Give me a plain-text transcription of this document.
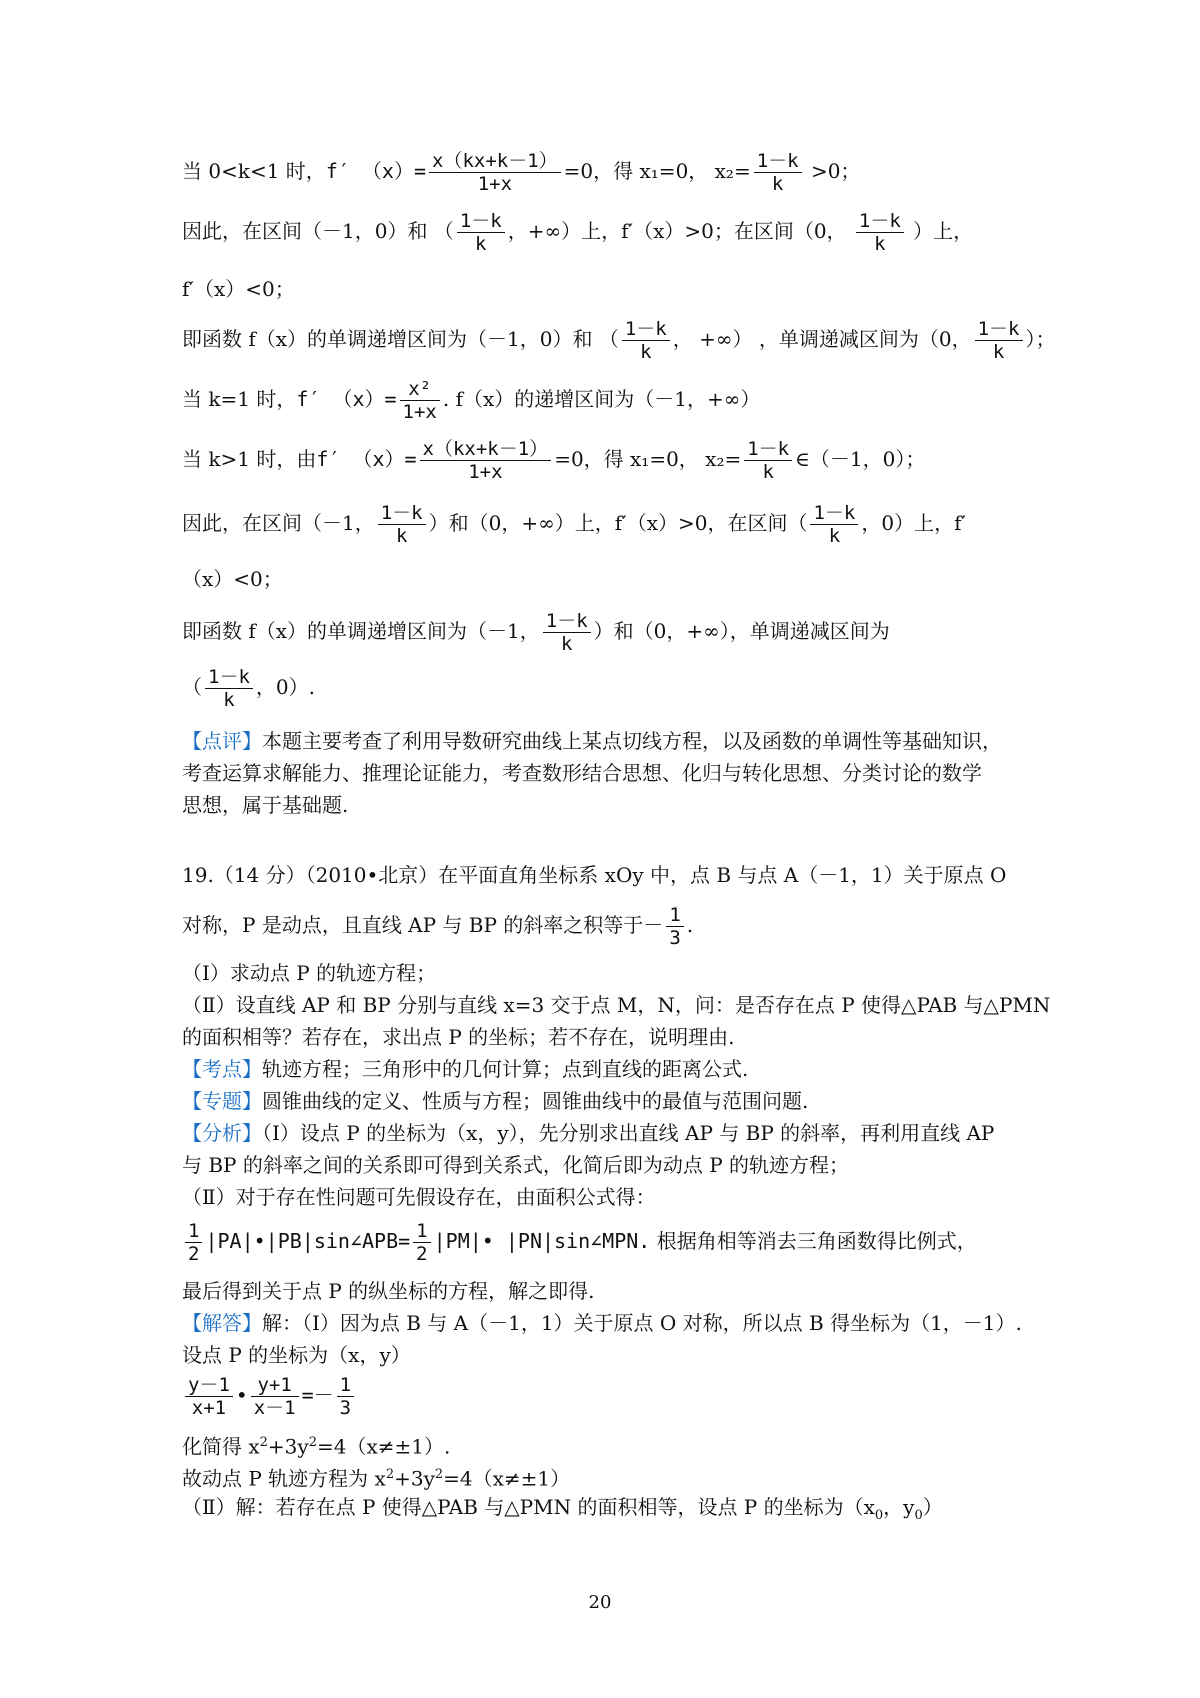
当 0<k<1 时，f′ $(x)= \frac{x(kx+k-1)}{1+x} =0$，得 x₁=0， $x_2= \frac{1-k}{k} >0$；
因此，在区间（－1，0）和 （ $\frac{1-k}{k}$ ，+∞）上，f′（x）>0；在区间（0， $\frac{1-k}{k}$ ）上，
f′（x）<0；
即函数 f（x）的单调递增区间为（－1，0）和 （ $\frac{1-k}{k}$ ， +∞） ，单调递减区间为（0， $\frac{1-k}{k}$ ）；
当 k=1 时，f′ $(x)= \frac{\text{x²}}{1+x}$ . f（x）的递增区间为（－1，+∞）
当 k>1 时，由f′ $(x)= \frac{x(kx+k-1)}{1+x} =0$，得 x₁=0， $x_2= \frac{1-k}{k}$ ∈（－1，0）；
因此，在区间（－1， $\frac{1-k}{k}$ ）和（0，+∞）上，f′（x）>0，在区间（ $\frac{1-k}{k}$ ，0）上，f′
（x）<0；
即函数 f（x）的单调递增区间为（－1， $\frac{1-k}{k}$ ）和（0，+∞），单调递减区间为
（ $\frac{1-k}{k}$ ，0）.
【点评】本题主要考查了利用导数研究曲线上某点切线方程，以及函数的单调性等基础知识，
考查运算求解能力、推理论证能力，考查数形结合思想、化归与转化思想、分类讨论的数学
思想，属于基础题.
19.（14 分）（2010•北京）在平面直角坐标系 xOy 中，点 B 与点 A（－1，1）关于原点 O
对称，P 是动点，且直线 AP 与 BP 的斜率之积等于－ $\frac{1}{3}$ .
（Ⅰ）求动点 P 的轨迹方程；
（Ⅱ）设直线 AP 和 BP 分别与直线 x=3 交于点 M，N，问：是否存在点 P 使得△PAB 与△PMN
的面积相等？若存在，求出点 P 的坐标；若不存在，说明理由.
【考点】轨迹方程；三角形中的几何计算；点到直线的距离公式.
【专题】圆锥曲线的定义、性质与方程；圆锥曲线中的最值与范围问题.
【分析】（Ⅰ）设点 P 的坐标为（x，y），先分别求出直线 AP 与 BP 的斜率，再利用直线 AP
与 BP 的斜率之间的关系即可得到关系式，化简后即为动点 P 的轨迹方程；
（Ⅱ）对于存在性问题可先假设存在，由面积公式得：
$\frac{1}{2}$ |PA|•|PB|sin∠APB= $\frac{1}{2}$ |PM|• |PN|sin∠MPN. 根据角相等消去三角函数得比例式，
最后得到关于点 P 的纵坐标的方程，解之即得.
【解答】解：（Ⅰ）因为点 B 与 A（－1，1）关于原点 O 对称，所以点 B 得坐标为（1，－1）.
设点 P 的坐标为（x，y）
$\frac{y-1}{x+1}$ • $\frac{y+1}{x-1} =- \frac{1}{3}$
化简得 $x^2+3y^2=4(x\ne\pm 1)$.
故动点 P 轨迹方程为 $x^2+3y^2=4(x\ne\pm 1)$
（Ⅱ）解：若存在点 P 使得△PAB 与△PMN 的面积相等，设点 P 的坐标为（$x_0$，$y_0$）
20
